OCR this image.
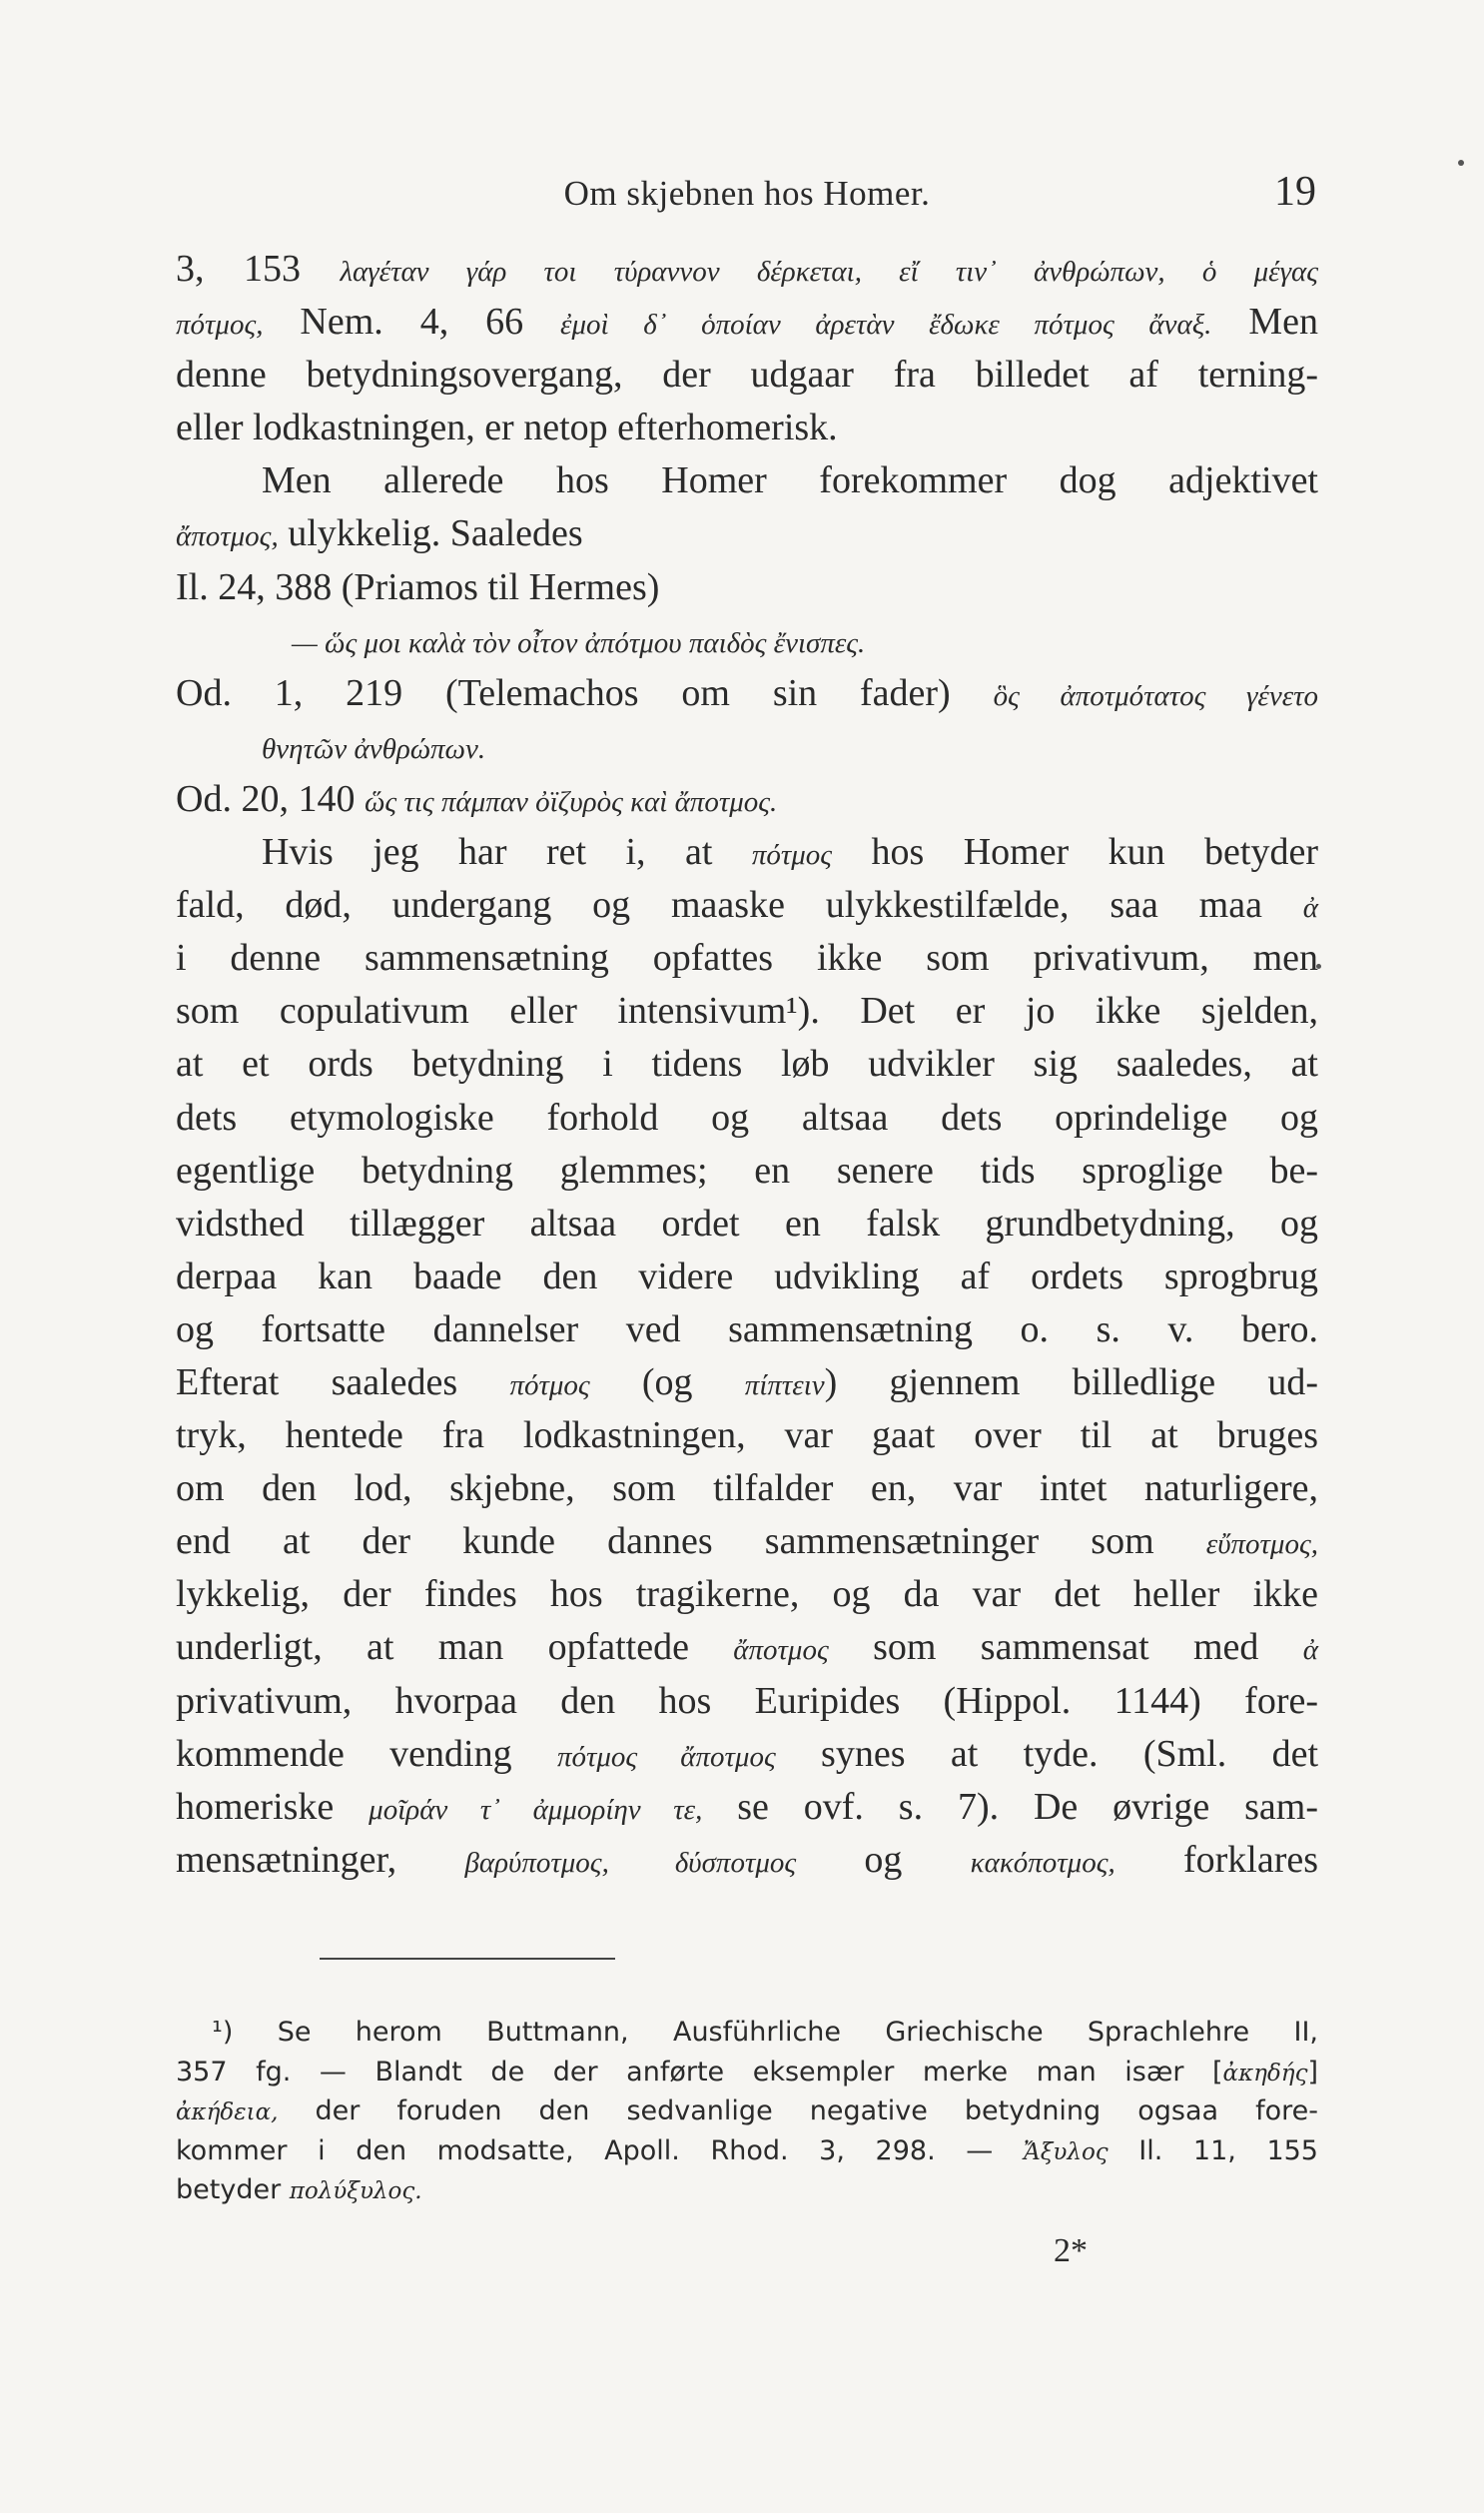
Om skjebnen hos Homer.	19
3, 153 λαγέταν γάρ τοι τύραννον δέρκεται, εἴ τιν᾽ ἀνθρώπων, ὁ μέγας
πότμος, Nem. 4, 66 ἐμοὶ δ᾽ ὁποίαν ἀρετὰν ἔδωκε πότμος ἄναξ. Men
denne betydningsovergang, der udgaar fra billedet af terning-
eller lodkastningen, er netop efterhomerisk.
Men allerede hos Homer forekommer dog adjektivet
ἄποτμος, ulykkelig. Saaledes
Il. 24, 388 (Priamos til Hermes)
— ὥς μοι καλὰ τὸν οἶτον ἀπότμου παιδὸς ἔνισπες.
Od. 1, 219 (Telemachos om sin fader) ὃς ἀποτμότατος γένετο
θνητῶν ἀνθρώπων.
Od. 20, 140 ὥς τις πάμπαν ὀϊζυρὸς καὶ ἄποτμος.
Hvis jeg har ret i, at πότμος hos Homer kun betyder
fald, død, undergang og maaske ulykkestilfælde, saa maa ἀ
i denne sammensætning opfattes ikke som privativum, men
som copulativum eller intensivum¹). Det er jo ikke sjelden,
at et ords betydning i tidens løb udvikler sig saaledes, at
dets etymologiske forhold og altsaa dets oprindelige og
egentlige betydning glemmes; en senere tids sproglige be-
vidsthed tillægger altsaa ordet en falsk grundbetydning, og
derpaa kan baade den videre udvikling af ordets sprogbrug
og fortsatte dannelser ved sammensætning o. s. v. bero.
Efterat saaledes πότμος (og πίπτειν) gjennem billedlige ud-
tryk, hentede fra lodkastningen, var gaat over til at bruges
om den lod, skjebne, som tilfalder en, var intet naturligere,
end at der kunde dannes sammensætninger som εὔποτμος,
lykkelig, der findes hos tragikerne, og da var det heller ikke
underligt, at man opfattede ἄποτμος som sammensat med ἀ
privativum, hvorpaa den hos Euripides (Hippol. 1144) fore-
kommende vending πότμος ἄποτμος synes at tyde. (Sml. det
homeriske μοῖράν τ᾽ ἀμμορίην τε, se ovf. s. 7). De øvrige sam-
mensætninger, βαρύποτμος, δύσποτμος og κακόποτμος, forklares
¹) Se herom Buttmann, Ausführliche Griechische Sprachlehre II,
357 fg. — Blandt de der anførte eksempler merke man især [ἀκηδής]
ἀκήδεια, der foruden den sedvanlige negative betydning ogsaa fore-
kommer i den modsatte, Apoll. Rhod. 3, 298. — Ἄξυλος Il. 11, 155
betyder πολύξυλος.
2*
